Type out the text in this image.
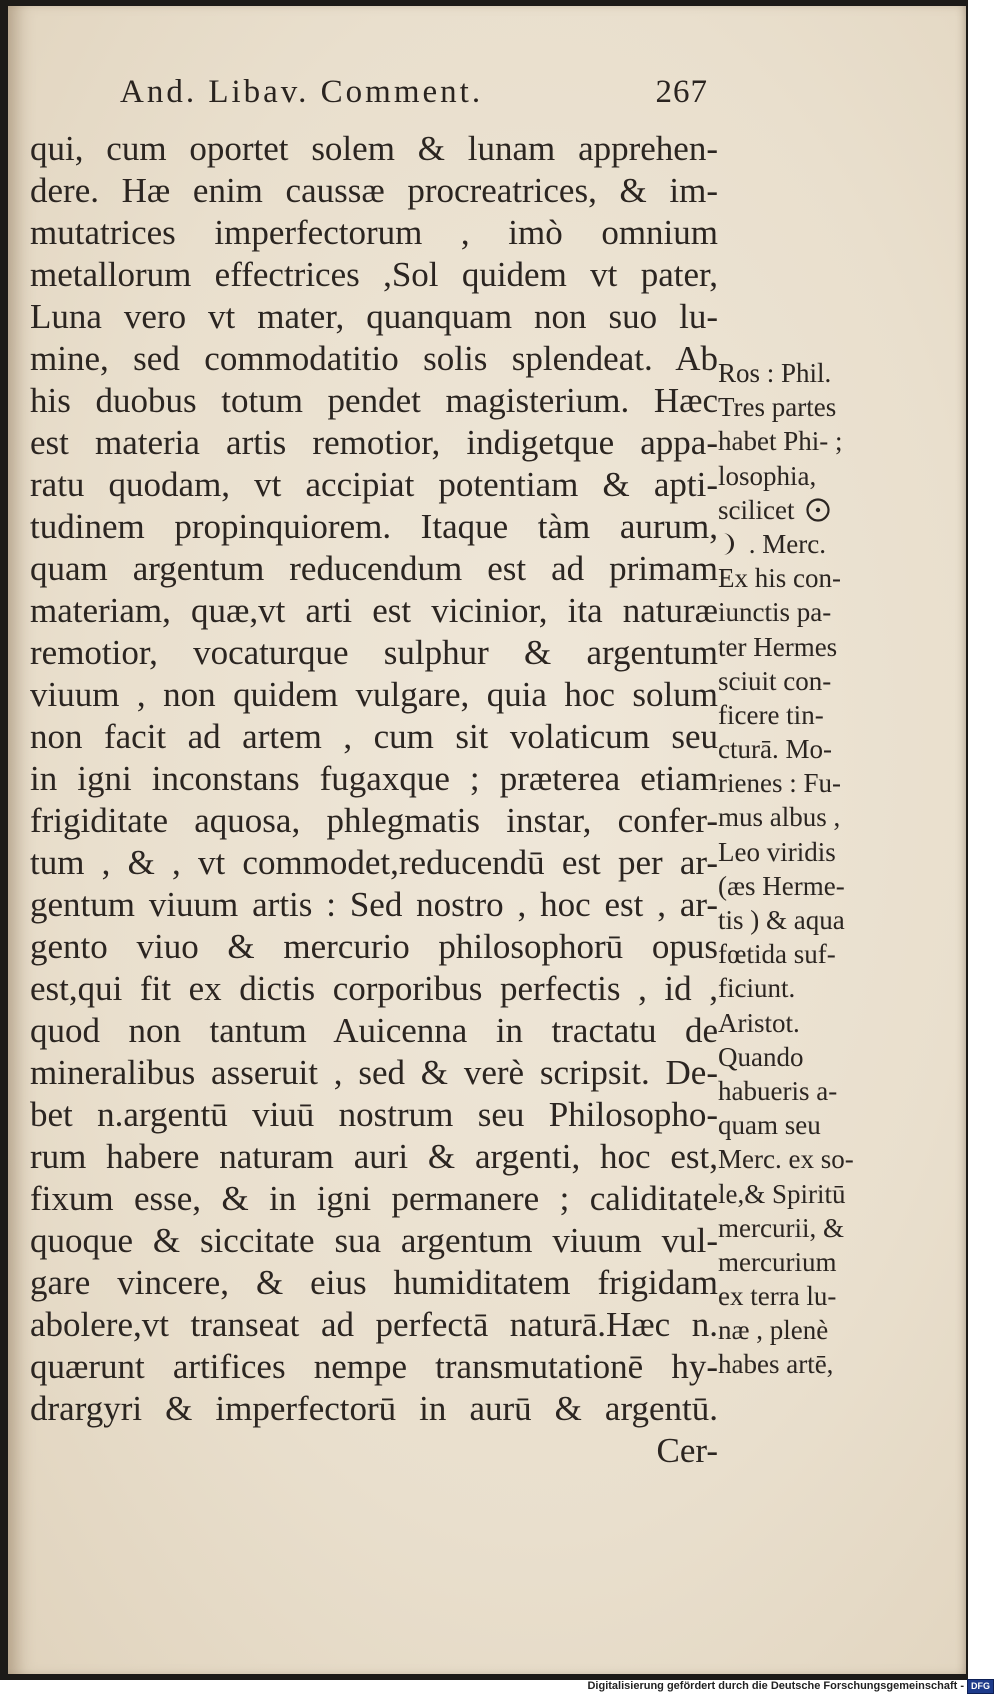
And. Libav. Comment.	267
qui, cum oportet solem & lunam apprehen-
dere. Hæ enim caussæ procreatrices, & im-
mutatrices imperfectorum , imò omnium
metallorum effectrices ,Sol quidem vt pater,
Luna vero vt mater, quanquam non suo lu-
mine, sed commodatitio solis splendeat. Ab
his duobus totum pendet magisterium. Hæc
est materia artis remotior, indigetque appa-
ratu quodam, vt accipiat potentiam & apti-
tudinem propinquiorem. Itaque tàm aurum,
quam argentum reducendum est ad primam
materiam, quæ,vt arti est vicinior, ita naturæ
remotior, vocaturque sulphur & argentum
viuum , non quidem vulgare, quia hoc solum
non facit ad artem , cum sit volaticum seu
in igni inconstans fugaxque ; præterea etiam
frigiditate aquosa, phlegmatis instar, confer-
tum , & , vt commodet,reducendū est per ar-
gentum viuum artis : Sed nostro , hoc est , ar-
gento viuo & mercurio philosophorū opus
est,qui fit ex dictis corporibus perfectis , id ,
quod non tantum Auicenna in tractatu de
mineralibus asseruit , sed & verè scripsit. De-
bet n.argentū viuū nostrum seu Philosopho-
rum habere naturam auri & argenti, hoc est,
fixum esse, & in igni permanere ; caliditate
quoque & siccitate sua argentum viuum vul-
gare vincere, & eius humiditatem frigidam
abolere,vt transeat ad perfectā naturā.Hæc n.
quærunt artifices nempe transmutationē hy-
drargyri & imperfectorū in aurū & argentū.
Cer-
Ros : Phil.
Tres partes
habet Phi- ;
losophia,
scilicet
. Merc.
Ex his con-
iunctis pa-
ter Hermes
sciuit con-
ficere tin-
cturā. Mo-
rienes : Fu-
mus albus ,
Leo viridis
(æs Herme-
tis ) & aqua
fœtida suf-
ficiunt.
Aristot.
Quando
habueris a-
quam seu
Merc. ex so-
le,& Spiritū
mercurii, &
mercurium
ex terra lu-
næ , plenè
habes artē,
Digitalisierung gefördert durch die Deutsche Forschungsgemeinschaft - DFG
